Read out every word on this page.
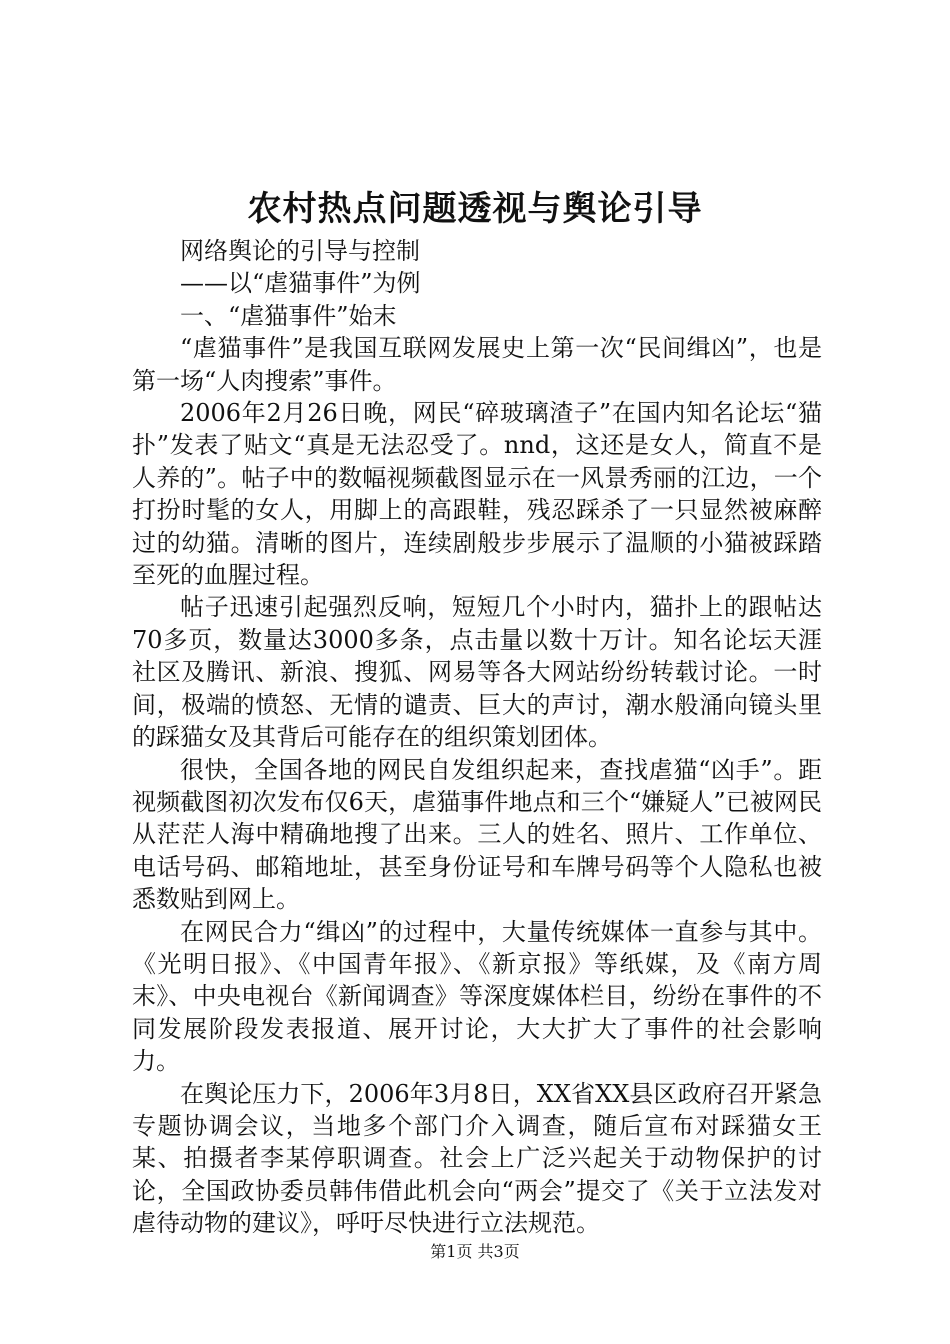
农村热点问题透视与舆论引导

网络舆论的引导与控制

——以“虐猫事件”为例

一、“虐猫事件”始末

“虐猫事件”是我国互联网发展史上第一次“民间缉凶”，也是第一场“人肉搜索”事件。

2006年2月26日晚，网民“碎玻璃渣子”在国内知名论坛“猫扑”发表了贴文“真是无法忍受了。nnd，这还是女人，简直不是人养的”。帖子中的数幅视频截图显示在一风景秀丽的江边，一个打扮时髦的女人，用脚上的高跟鞋，残忍踩杀了一只显然被麻醉过的幼猫。清晰的图片，连续剧般步步展示了温顺的小猫被踩踏至死的血腥过程。

帖子迅速引起强烈反响，短短几个小时内，猫扑上的跟帖达70多页，数量达3000多条，点击量以数十万计。知名论坛天涯社区及腾讯、新浪、搜狐、网易等各大网站纷纷转载讨论。一时间，极端的愤怒、无情的谴责、巨大的声讨，潮水般涌向镜头里的踩猫女及其背后可能存在的组织策划团体。

很快，全国各地的网民自发组织起来，查找虐猫“凶手”。距视频截图初次发布仅6天，虐猫事件地点和三个“嫌疑人”已被网民从茫茫人海中精确地搜了出来。三人的姓名、照片、工作单位、电话号码、邮箱地址，甚至身份证号和车牌号码等个人隐私也被悉数贴到网上。

在网民合力“缉凶”的过程中，大量传统媒体一直参与其中。《光明日报》、《中国青年报》、《新京报》等纸媒，及《南方周末》、中央电视台《新闻调查》等深度媒体栏目，纷纷在事件的不同发展阶段发表报道、展开讨论，大大扩大了事件的社会影响力。

在舆论压力下，2006年3月8日，XX省XX县区政府召开紧急专题协调会议，当地多个部门介入调查，随后宣布对踩猫女王某、拍摄者李某停职调查。社会上广泛兴起关于动物保护的讨论，全国政协委员韩伟借此机会向“两会”提交了《关于立法发对虐待动物的建议》，呼吁尽快进行立法规范。

第1页 共3页
